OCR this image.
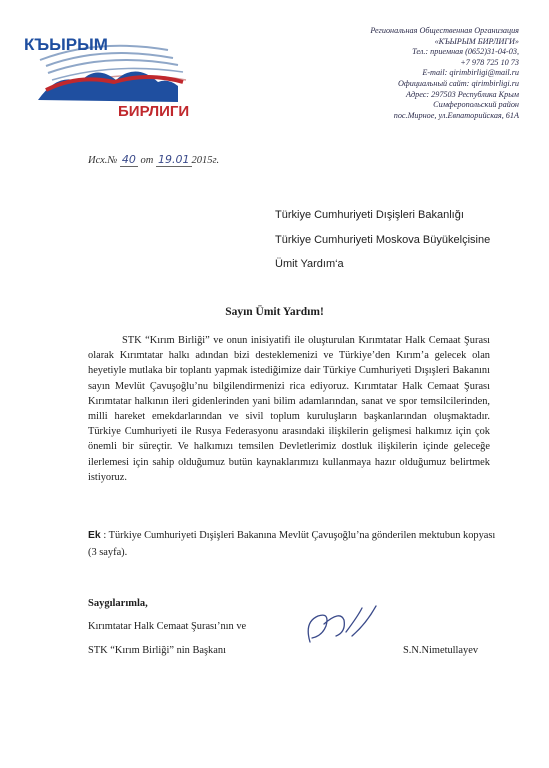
КЪЫРЫМ
БИРЛИГИ
Региональная Общественная Организация
«КЪЫРЫМ БИРЛИГИ»
Тел.: приемная (0652)31-04-03,
+7 978 725 10 73
E-mail: qirimbirligi@mail.ru
Официальный сайт: qirimbirligi.ru
Адрес: 297503 Республика Крым
Симферопольский район
пос.Мирное, ул.Евпаторийская, 61А
Исх.№ 40 от 19.01 2015г.
Türkiye Cumhuriyeti Dışişleri Bakanlığı
Türkiye Cumhuriyeti Moskova Büyükelçisine
Ümit Yardım‘a
Sayın Ümit Yardım!

STK “Kırım Birliği” ve onun inisiyatifi ile oluşturulan Kırımtatar Halk Cemaat Şurası olarak Kırımtatar halkı adından bizi desteklemenizi ve Türkiye’den Kırım’a gelecek olan heyetiyle mutlaka bir toplantı yapmak istediğimize dair Türkiye Cumhuriyeti Dışışleri Bakanını sayın Mevlüt Çavuşoğlu’nu bilgilendirmenizi rica ediyoruz. Kırımtatar Halk Cemaat Şurası Kırımtatar halkının ileri gidenlerinden yani bilim adamlarından, sanat ve spor temsilcilerinden, milli hareket emekdarlarından ve sivil toplum kuruluşların başkanlarından oluşmaktadır. Türkiye Cumhuriyeti ile Rusya Federasyonu arasındaki ilişkilerin gelişmesi halkımız için çok önemli bir süreçtir. Ve halkımızı temsilen Devletlerimiz dostluk ilişkilerin içinde geleceğe ilerlemesi için sahip olduğumuz butün kaynaklarımızı kullanmaya hazır olduğumuz belirtmek istiyoruz.

Ek : Türkiye Cumhuriyeti Dışişleri Bakanına Mevlüt Çavuşoğlu’na gönderilen mektubun kopyası (3 sayfa).
Saygılarımla,
Kırımtatar Halk Cemaat Şurası’nın ve
STK “Kırım Birliği” nin Başkanı	S.N.Nimetullayev
